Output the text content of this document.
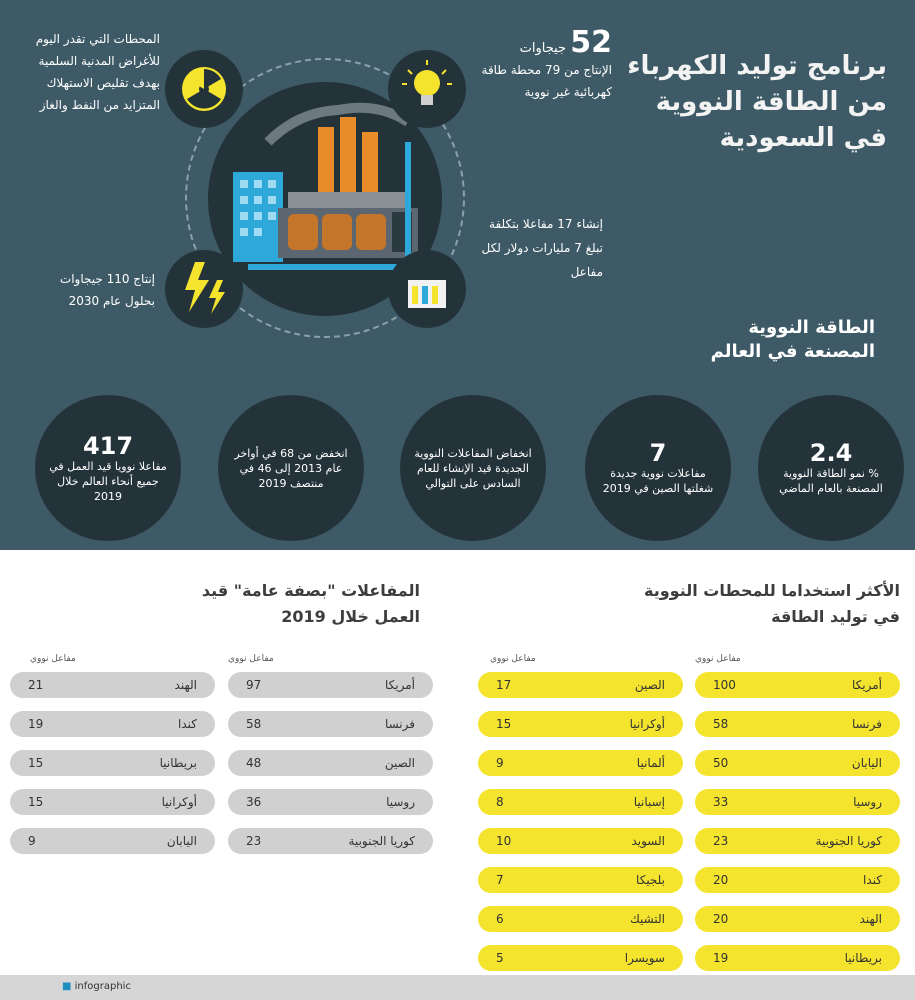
برنامج توليد الكهرباء
من الطاقة النووية
في السعودية
المحطات التي تقدر اليوم للأغراض المدنية السلمية بهدف تقليص الاستهلاك المتزايد من النفط والغاز
52 جيجاوات
الإنتاج من 79 محطة طاقة كهربائية غير نووية
إنشاء 17 مفاعلا بتكلفة تبلغ 7 مليارات دولار لكل مفاعل
إنتاج 110 جيجاوات بحلول عام 2030
الطاقة النووية
المصنعة في العالم
2.4
% نمو الطاقة النووية المصنعة بالعام الماضي
7
مفاعلات نووية جديدة شغلتها الصين في 2019
انخفاض المفاعلات النووية الجديدة قيد الإنشاء للعام السادس على التوالي
انخفض من 68 في أواخر عام 2013 إلى 46 في منتصف 2019
417
مفاعلا نوويا قيد العمل في جميع أنحاء العالم خلال 2019
المفاعلات "بصفة عامة" قيد
العمل خلال 2019
الأكثر استخداما للمحطات النووية
في توليد الطاقة
مفاعل نووي	مفاعل نووي	مفاعل نووي	مفاعل نووي
21	الهند
19	كندا
15	بريطانيا
15	أوكرانيا
9	اليابان
97	أمريكا
58	فرنسا
48	الصين
36	روسيا
23	كوريا الجنوبية
17	الصين
15	أوكرانيا
9	ألمانيا
8	إسبانيا
10	السويد
7	بلجيكا
6	التشيك
5	سويسرا
100	أمريكا
58	فرنسا
50	اليابان
33	روسيا
23	كوريا الجنوبية
20	كندا
20	الهند
19	بريطانيا
■ infographic
